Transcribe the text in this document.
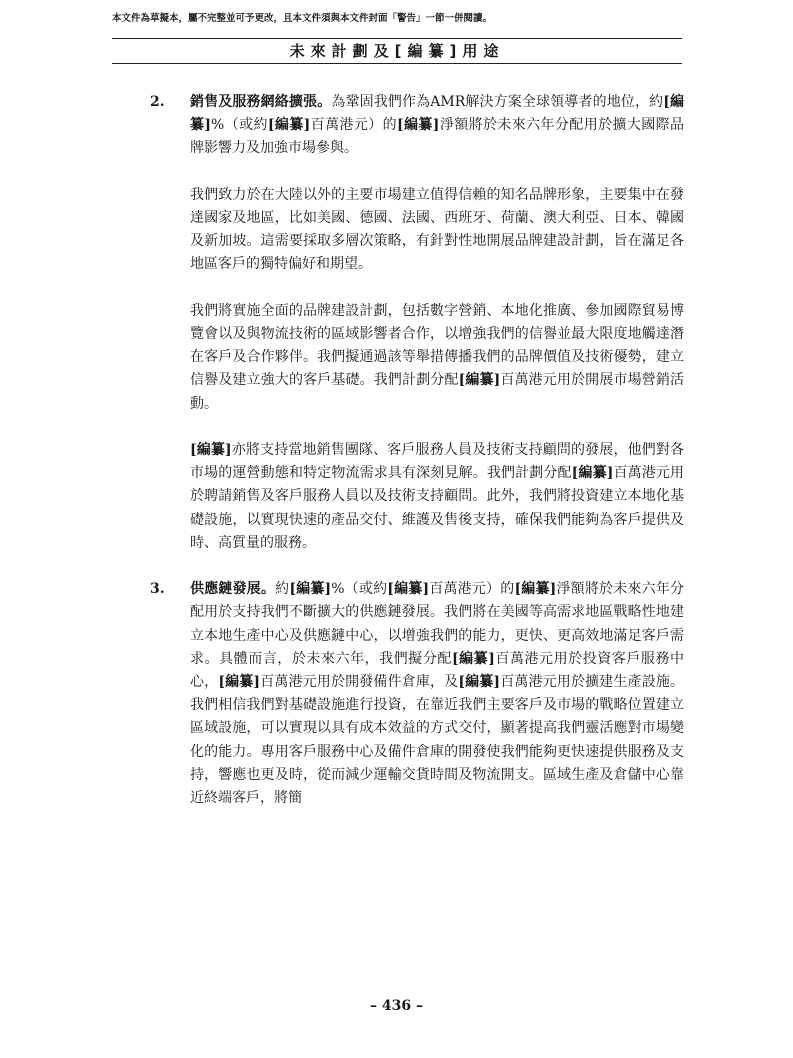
本文件為草擬本，屬不完整並可予更改，且本文件須與本文件封面「警告」一節一併閱讀。
未來計劃及[編纂]用途
2. 銷售及服務網絡擴張。為鞏固我們作為AMR解決方案全球領導者的地位，約[編纂]%（或約[編纂]百萬港元）的[編纂]淨額將於未來六年分配用於擴大國際品牌影響力及加強市場參與。

我們致力於在大陸以外的主要市場建立值得信賴的知名品牌形象，主要集中在發達國家及地區，比如美國、德國、法國、西班牙、荷蘭、澳大利亞、日本、韓國及新加坡。這需要採取多層次策略，有針對性地開展品牌建設計劃，旨在滿足各地區客戶的獨特偏好和期望。

我們將實施全面的品牌建設計劃，包括數字營銷、本地化推廣、參加國際貿易博覽會以及與物流技術的區域影響者合作，以增強我們的信譽並最大限度地觸達潛在客戶及合作夥伴。我們擬通過該等舉措傳播我們的品牌價值及技術優勢，建立信譽及建立強大的客戶基礎。我們計劃分配[編纂]百萬港元用於開展市場營銷活動。

[編纂]亦將支持當地銷售團隊、客戶服務人員及技術支持顧問的發展，他們對各市場的運營動態和特定物流需求具有深刻見解。我們計劃分配[編纂]百萬港元用於聘請銷售及客戶服務人員以及技術支持顧問。此外，我們將投資建立本地化基礎設施，以實現快速的產品交付、維護及售後支持，確保我們能夠為客戶提供及時、高質量的服務。

3. 供應鏈發展。約[編纂]%（或約[編纂]百萬港元）的[編纂]淨額將於未來六年分配用於支持我們不斷擴大的供應鏈發展。我們將在美國等高需求地區戰略性地建立本地生產中心及供應鏈中心，以增強我們的能力，更快、更高效地滿足客戶需求。具體而言，於未來六年，我們擬分配[編纂]百萬港元用於投資客戶服務中心，[編纂]百萬港元用於開發備件倉庫，及[編纂]百萬港元用於擴建生產設施。我們相信我們對基礎設施進行投資，在靠近我們主要客戶及市場的戰略位置建立區域設施，可以實現以具有成本效益的方式交付，顯著提高我們靈活應對市場變化的能力。專用客戶服務中心及備件倉庫的開發使我們能夠更快速提供服務及支持，響應也更及時，從而減少運輸交貨時間及物流開支。區域生產及倉儲中心靠近終端客戶，將簡

– 436 –
